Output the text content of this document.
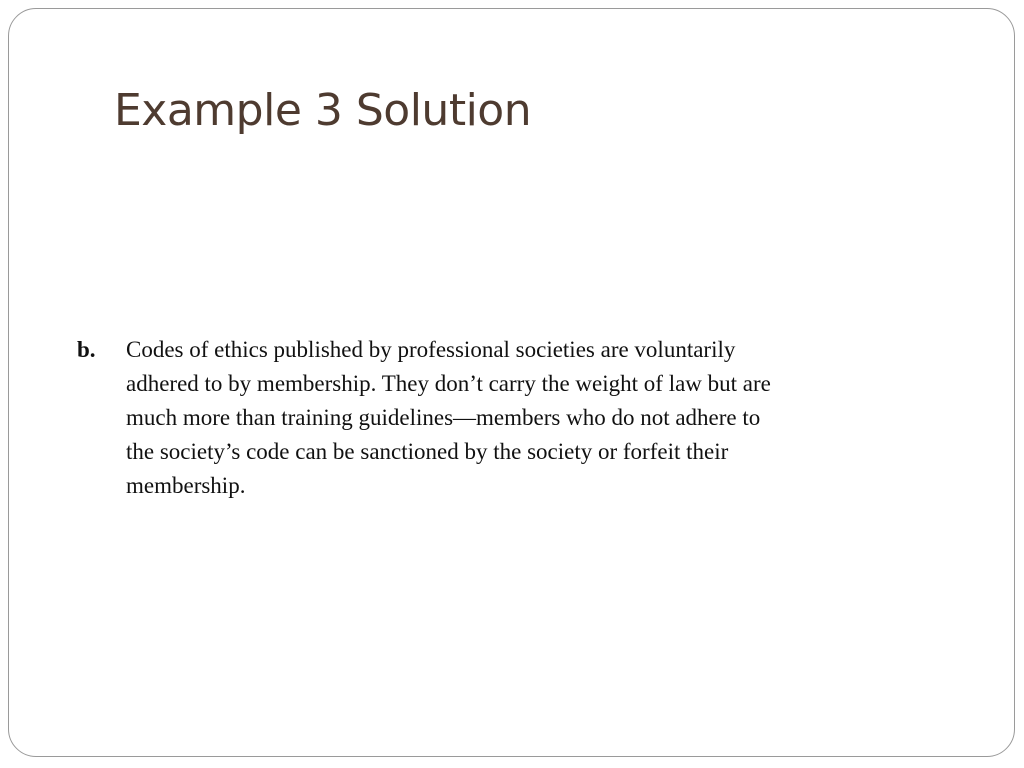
Example 3 Solution
b. Codes of ethics published by professional societies are voluntarily
adhered to by membership. They don’t carry the weight of law but are
much more than training guidelines—members who do not adhere to
the society’s code can be sanctioned by the society or forfeit their
membership.
